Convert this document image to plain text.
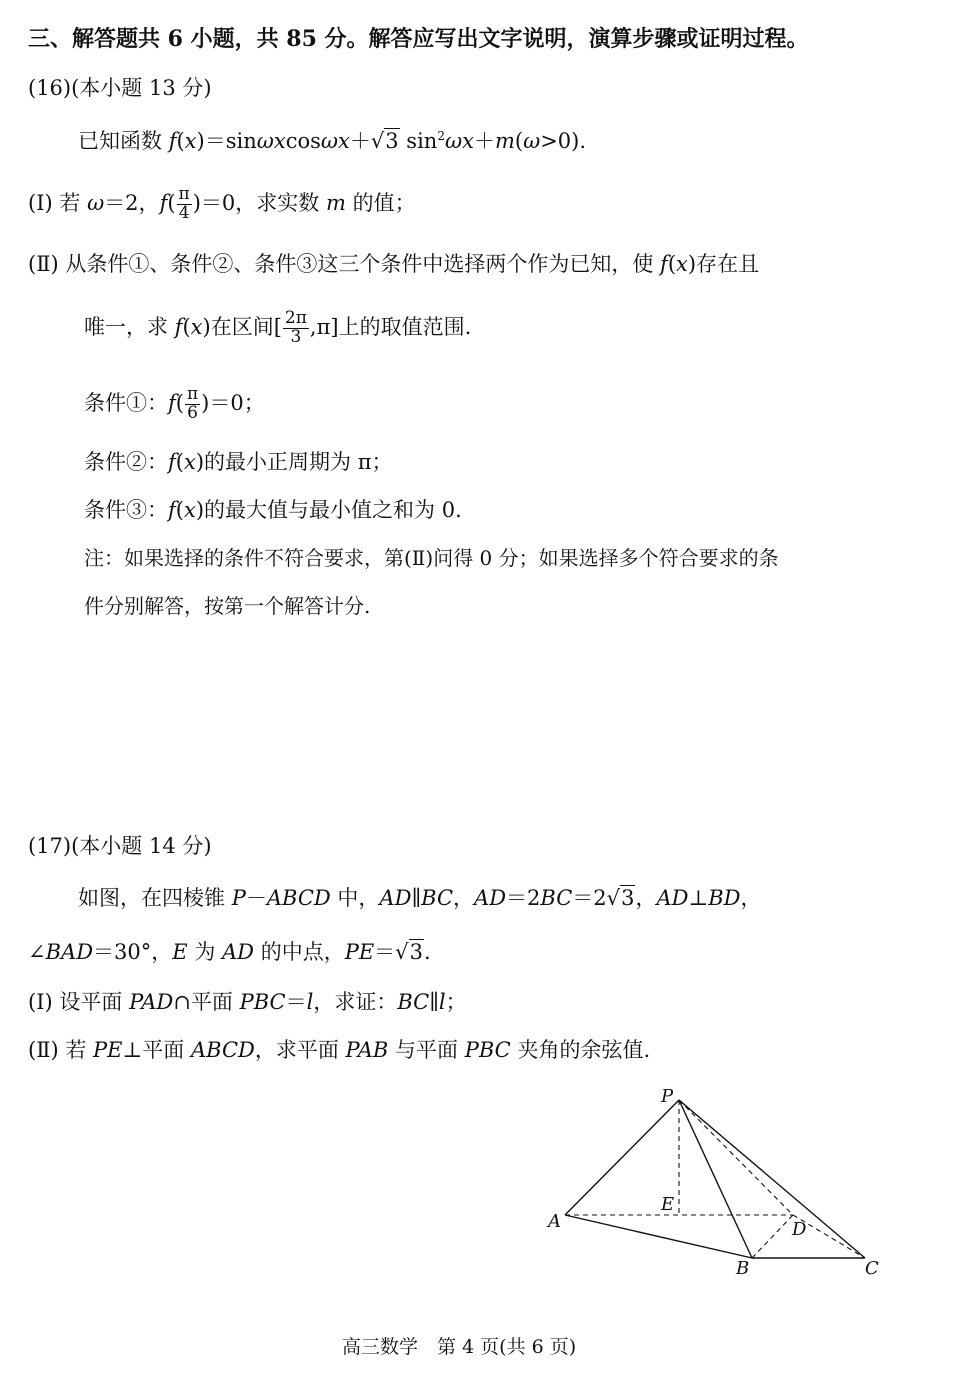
三、解答题共 6 小题，共 85 分。解答应写出文字说明，演算步骤或证明过程。
(16)(本小题 13 分)
已知函数 f(x)＝sinωxcosωx＋√3 $\sin^2\omega x+m(\omega>0)$.
(Ⅰ) 若 ω＝2，$f( \frac{\pi}{4} )=0$，求实数 m 的值；
(Ⅱ) 从条件①、条件②、条件③这三个条件中选择两个作为已知，使 f(x)存在且
唯一，求 f(x)在区间[ $\frac{2\pi}{3} ,\pi$]上的取值范围.
条件①：$f( \frac{\pi}{6} )=0$；
条件②：f(x)的最小正周期为 π；
条件③：f(x)的最大值与最小值之和为 0.
注：如果选择的条件不符合要求，第(Ⅱ)问得 0 分；如果选择多个符合要求的条
件分别解答，按第一个解答计分.
(17)(本小题 14 分)
如图，在四棱锥 P－ABCD 中，AD∥BC，AD＝2BC＝2√3，AD⊥BD，
∠BAD＝30°，E 为 AD 的中点，PE＝√3.
(Ⅰ) 设平面 PAD∩平面 PBC＝l，求证：BC∥l；
(Ⅱ) 若 PE⊥平面 ABCD，求平面 PAB 与平面 PBC 夹角的余弦值.
P
E
A	D
B	C
高三数学　第 4 页(共 6 页)
